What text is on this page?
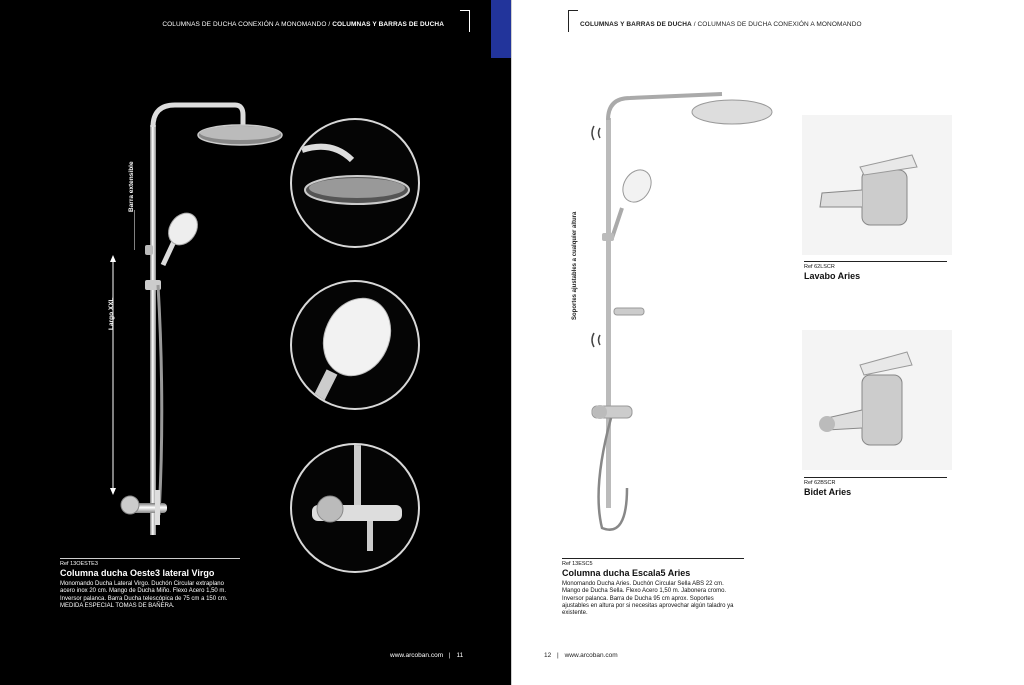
COLUMNAS DE DUCHA CONEXIÓN A MONOMANDO / COLUMNAS Y BARRAS DE DUCHA
Barra extensible
Largo XXL
Ref 13OESTE3
Columna ducha Oeste3 lateral Virgo
Monomando Ducha Lateral Virgo. Duchón Circular extraplano
acero inox 20 cm. Mango de Ducha Miño. Flexo Acero 1,50 m.
Inversor palanca. Barra Ducha telescópica de 75 cm a 150 cm.
MEDIDA ESPECIAL TOMAS DE BAÑERA.
www.arcoban.com | 11
COLUMNAS Y BARRAS DE DUCHA / COLUMNAS DE DUCHA CONEXIÓN A MONOMANDO
Soportes ajustables a cualquier altura	Ref 62LSCR
Lavabo Aries
Ref 62BSCR
Bidet Aries
Ref 13ESC5
Columna ducha Escala5 Aries
Monomando Ducha Aries. Duchón Circular Sella ABS 22 cm.
Mango de Ducha Sella. Flexo Acero 1,50 m. Jabonera cromo.
Inversor palanca. Barra de Ducha 95 cm aprox. Soportes
ajustables en altura por si necesitas aprovechar algún taladro ya
existente.
12 | www.arcoban.com
